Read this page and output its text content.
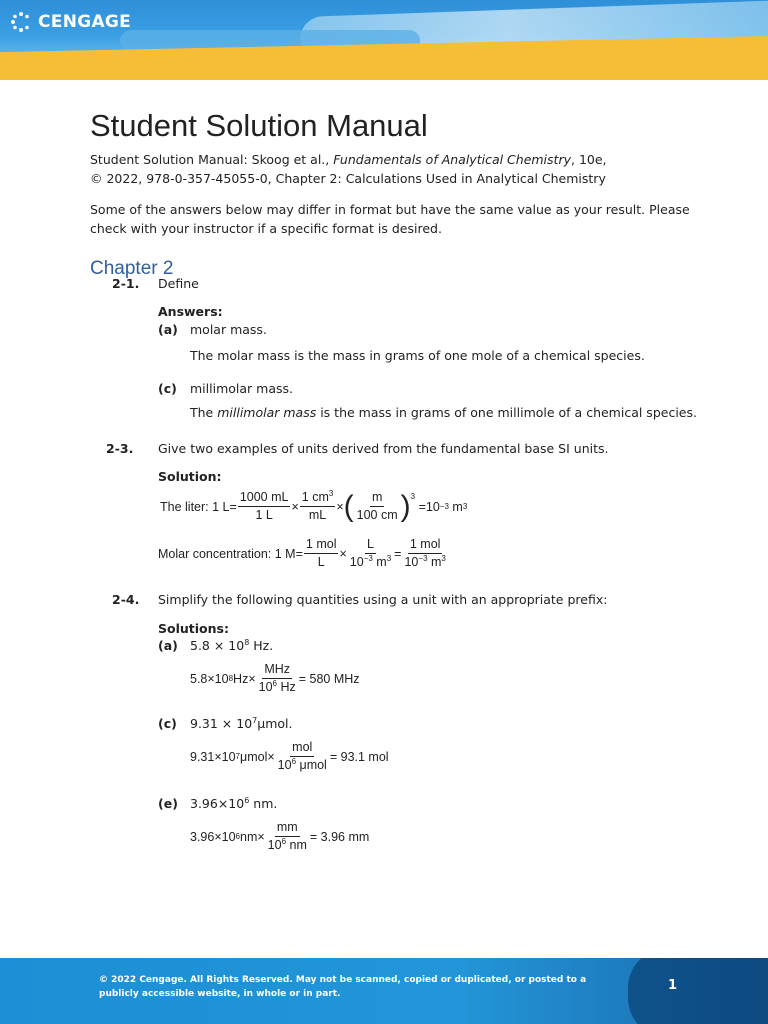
CENGAGE
Student Solution Manual
Student Solution Manual: Skoog et al., Fundamentals of Analytical Chemistry, 10e,
© 2022, 978-0-357-45055-0, Chapter 2: Calculations Used in Analytical Chemistry
Some of the answers below may differ in format but have the same value as your result. Please check with your instructor if a specific format is desired.
Chapter 2
2-1. Define
Answers:
(a) molar mass.
The molar mass is the mass in grams of one mole of a chemical species.
(c) millimolar mass.
The millimolar mass is the mass in grams of one millimole of a chemical species.
2-3. Give two examples of units derived from the fundamental base SI units.
Solution:
The liter:
1 $L = \frac{1000 mL}{1 L} \times \frac{1 cm^3}{mL}$ × ( $\frac{m}{100 cm} )^3$
= 10 −3
m 3
Molar concentration:
1 $M = \frac{\text{1 mol}}{L} \times \frac{L}{10^{-3} m^3} = \frac{\text{1 mol}}{10^{-3} m^3}$
2-4. Simplify the following quantities using a unit with an appropriate prefix:
Solutions:
(a) $5.8 \times 10^8$ Hz.
5.8×10 8 $Hz\times \frac{\text{MHz}}{10^6 Hz} = 580$ MHz
(c) $9.31 \times 10^7\mu mol$.
9.31×10 7 $\mu mol\times \frac{\text{mol}}{10^6 \mu mol} = 93.1$ mol
(e) $3.96\times 10^6$ nm.
3.96×10 6 $nm\times \frac{mm}{10^6 nm} = 3.96$ mm
© 2022 Cengage. All Rights Reserved. May not be scanned, copied or duplicated, or posted to a publicly accessible website, in whole or in part.
1
